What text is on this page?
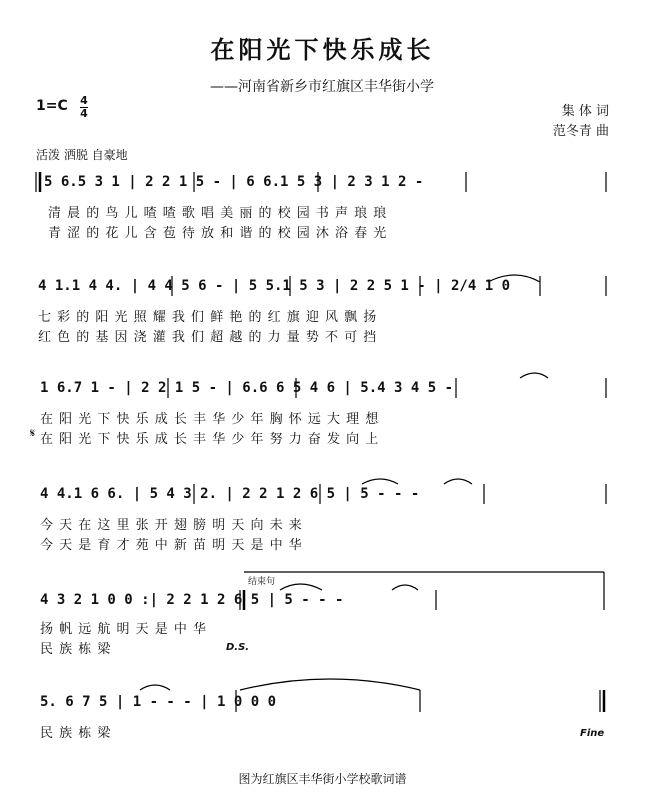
在阳光下快乐成长
——河南省新乡市红旗区丰华街小学
1=C 4
4	集 体 词
范冬青 曲
活泼 洒脱 自豪地
5 6.5 3 1 | 2 2 1 5 - | 6 6.1 5 3 | 2 3 1 2 -
清 晨 的 鸟 儿 喳 喳 歌 唱 美 丽 的 校 园 书 声 琅 琅
青 涩 的 花 儿 含 苞 待 放 和 谐 的 校 园 沐 浴 春 光
4 1.1 4 4. | 4 4 5 6 - | 5 5.1 5 3 | 2 2 5 1 - | 2/4 1 0
七 彩 的 阳 光 照 耀 我 们 鲜 艳 的 红 旗 迎 风 飘 扬
红 色 的 基 因 浇 灌 我 们 超 越 的 力 量 势 不 可 挡
1 6.7 1 - | 2 2 1 5 - | 6.6 6 5 4 6 | 5.4 3 4 5 -
在 阳 光 下 快 乐 成 长 丰 华 少 年 胸 怀 远 大 理 想
𝄋 在 阳 光 下 快 乐 成 长 丰 华 少 年 努 力 奋 发 向 上
4 4.1 6 6. | 5 4 3 2. | 2 2 1 2 6 5 | 5 - - -
今 天 在 这 里 张 开 翅 膀 明 天 向 未 来
今 天 是 育 才 苑 中 新 苗 明 天 是 中 华
结束句
4 3 2 1 0 0 :| 2 2 1 2 6 5 | 5 - - -
扬 帆 远 航 明 天 是 中 华
民 族 栋 梁	D.S.
5. 6 7 5 | 1 - - - | 1 0 0 0
民 族 栋 梁	Fine
图为红旗区丰华街小学校歌词谱
